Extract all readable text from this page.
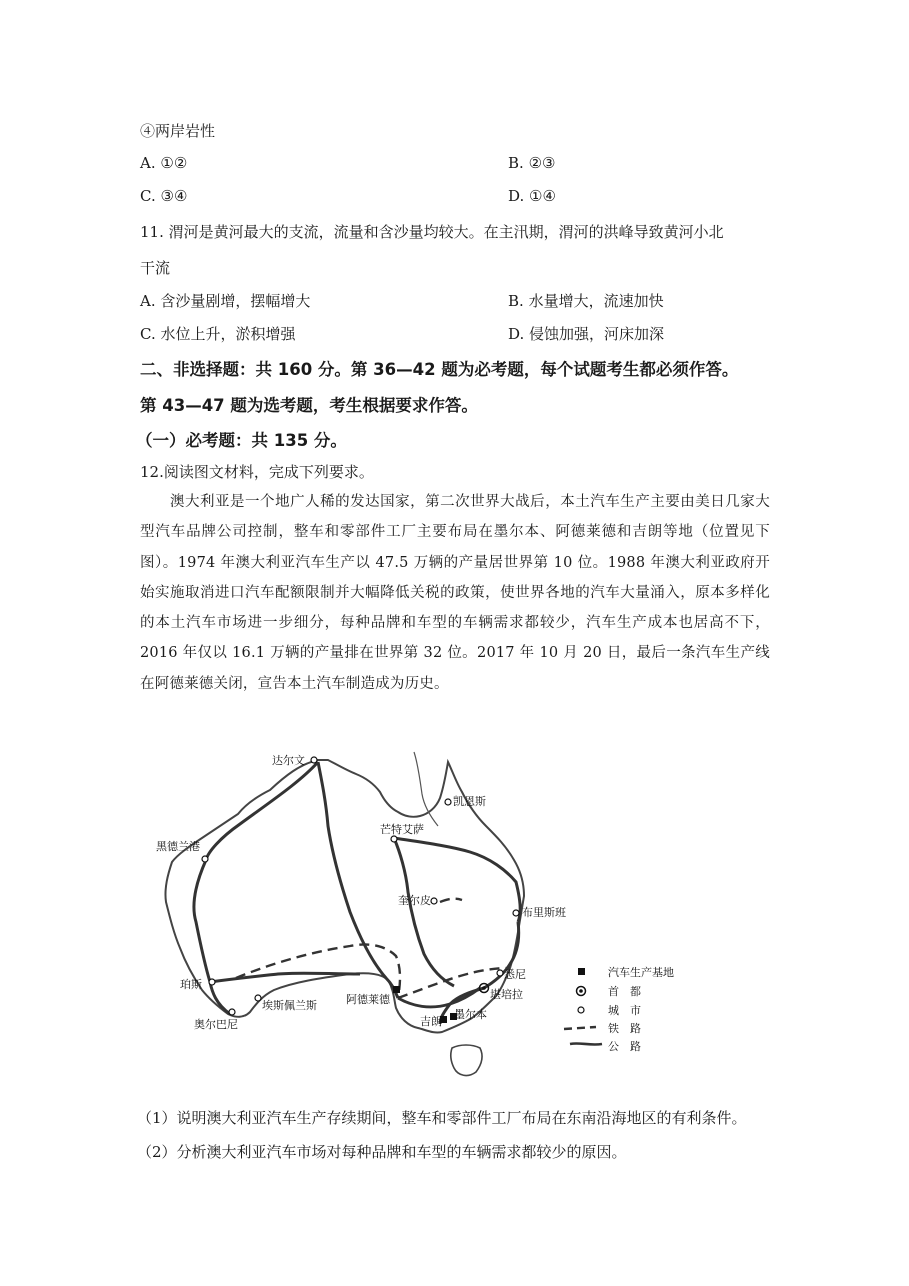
④两岸岩性
A. ①②	B. ②③
C. ③④	D. ①④
11. 渭河是黄河最大的支流，流量和含沙量均较大。在主汛期，渭河的洪峰导致黄河小北
干流
A. 含沙量剧增，摆幅增大	B. 水量增大，流速加快
C. 水位上升，淤积增强	D. 侵蚀加强，河床加深
二、非选择题：共 160 分。第 36—42 题为必考题，每个试题考生都必须作答。
第 43—47 题为选考题，考生根据要求作答。
（一）必考题：共 135 分。
12.阅读图文材料，完成下列要求。

　　澳大利亚是一个地广人稀的发达国家，第二次世界大战后，本土汽车生产主要由美日几家大型汽车品牌公司控制，整车和零部件工厂主要布局在墨尔本、阿德莱德和吉朗等地（位置见下图）。1974 年澳大利亚汽车生产以 47.5 万辆的产量居世界第 10 位。1988 年澳大利亚政府开始实施取消进口汽车配额限制并大幅降低关税的政策，使世界各地的汽车大量涌入，原本多样化的本土汽车市场进一步细分，每种品牌和车型的车辆需求都较少，汽车生产成本也居高不下，2016 年仅以 16.1 万辆的产量排在世界第 32 位。2017 年 10 月 20 日，最后一条汽车生产线在阿德莱德关闭，宣告本土汽车制造成为历史。

汽车生产基地
首　都
城　市
铁　路
公　路
达尔文
凯恩斯
芒特艾萨
黑德兰港
奎尔皮
布里斯班
悉尼
堪培拉
珀斯
埃斯佩兰斯	阿德莱德
墨尔本
吉朗
奥尔巴尼
（1）说明澳大利亚汽车生产存续期间，整车和零部件工厂布局在东南沿海地区的有利条件。
（2）分析澳大利亚汽车市场对每种品牌和车型的车辆需求都较少的原因。
